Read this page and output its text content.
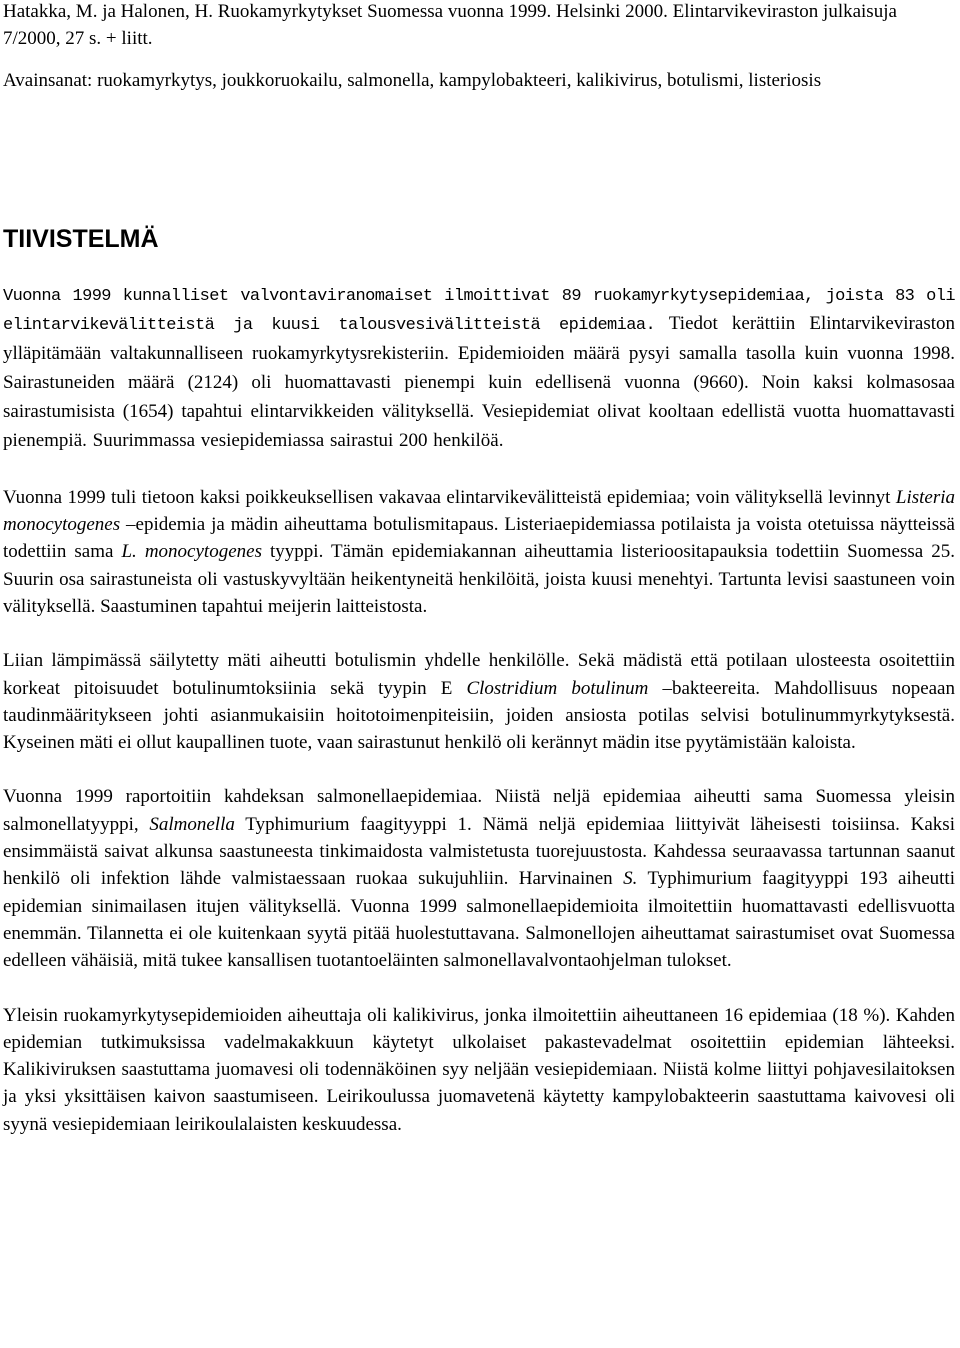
Hatakka, M. ja Halonen, H. Ruokamyrkytykset Suomessa vuonna 1999. Helsinki 2000. Elintarvikeviraston julkaisuja 7/2000, 27 s. + liitt.

Avainsanat: ruokamyrkytys, joukkoruokailu, salmonella, kampylobakteeri, kalikivirus, botulismi, listeriosis

TIIVISTELMÄ

Vuonna 1999 kunnalliset valvontaviranomaiset ilmoittivat 89 ruokamyrkytysepidemiaa, joista 83 oli elintarvikevälitteistä ja kuusi talousvesivälitteistä epidemiaa. Tiedot kerättiin Elintarvikeviraston ylläpitämään valtakunnalliseen ruokamyrkytysrekisteriin. Epidemioiden määrä pysyi samalla tasolla kuin vuonna 1998. Sairastuneiden määrä (2124) oli huomattavasti pienempi kuin edellisenä vuonna (9660). Noin kaksi kolmasosaa sairastumisista (1654) tapahtui elintarvikkeiden välityksellä. Vesiepidemiat olivat kooltaan edellistä vuotta huomattavasti pienempiä. Suurimmassa vesiepidemiassa sairastui 200 henkilöä.

Vuonna 1999 tuli tietoon kaksi poikkeuksellisen vakavaa elintarvikevälitteistä epidemiaa; voin välityksellä levinnyt Listeria monocytogenes –epidemia ja mädin aiheuttama botulismitapaus. Listeriaepidemiassa potilaista ja voista otetuissa näytteissä todettiin sama L. monocytogenes tyyppi. Tämän epidemiakannan aiheuttamia listerioositapauksia todettiin Suomessa 25. Suurin osa sairastuneista oli vastuskyvyltään heikentyneitä henkilöitä, joista kuusi menehtyi. Tartunta levisi saastuneen voin välityksellä. Saastuminen tapahtui meijerin laitteistosta.

Liian lämpimässä säilytetty mäti aiheutti botulismin yhdelle henkilölle. Sekä mädistä että potilaan ulosteesta osoitettiin korkeat pitoisuudet botulinumtoksiinia sekä tyypin E Clostridium botulinum –bakteereita. Mahdollisuus nopeaan taudinmääritykseen johti asianmukaisiin hoitotoimenpiteisiin, joiden ansiosta potilas selvisi botulinummyrkytyksestä. Kyseinen mäti ei ollut kaupallinen tuote, vaan sairastunut henkilö oli kerännyt mädin itse pyytämistään kaloista.

Vuonna 1999 raportoitiin kahdeksan salmonellaepidemiaa. Niistä neljä epidemiaa aiheutti sama Suomessa yleisin salmonellatyyppi, Salmonella Typhimurium faagityyppi 1. Nämä neljä epidemiaa liittyivät läheisesti toisiinsa. Kaksi ensimmäistä saivat alkunsa saastuneesta tinkimaidosta valmistetusta tuorejuustosta. Kahdessa seuraavassa tartunnan saanut henkilö oli infektion lähde valmistaessaan ruokaa sukujuhliin. Harvinainen S. Typhimurium faagityyppi 193 aiheutti epidemian sinimailasen itujen välityksellä. Vuonna 1999 salmonellaepidemioita ilmoitettiin huomattavasti edellisvuotta enemmän. Tilannetta ei ole kuitenkaan syytä pitää huolestuttavana. Salmonellojen aiheuttamat sairastumiset ovat Suomessa edelleen vähäisiä, mitä tukee kansallisen tuotantoeläinten salmonellavalvontaohjelman tulokset.

Yleisin ruokamyrkytysepidemioiden aiheuttaja oli kalikivirus, jonka ilmoitettiin aiheuttaneen 16 epidemiaa (18 %). Kahden epidemian tutkimuksissa vadelmakakkuun käytetyt ulkolaiset pakastevadelmat osoitettiin epidemian lähteeksi. Kalikiviruksen saastuttama juomavesi oli todennäköinen syy neljään vesiepidemiaan. Niistä kolme liittyi pohjavesilaitoksen ja yksi yksittäisen kaivon saastumiseen. Leirikoulussa juomavetenä käytetty kampylobakteerin saastuttama kaivovesi oli syynä vesiepidemiaan leirikoulalaisten keskuudessa.
